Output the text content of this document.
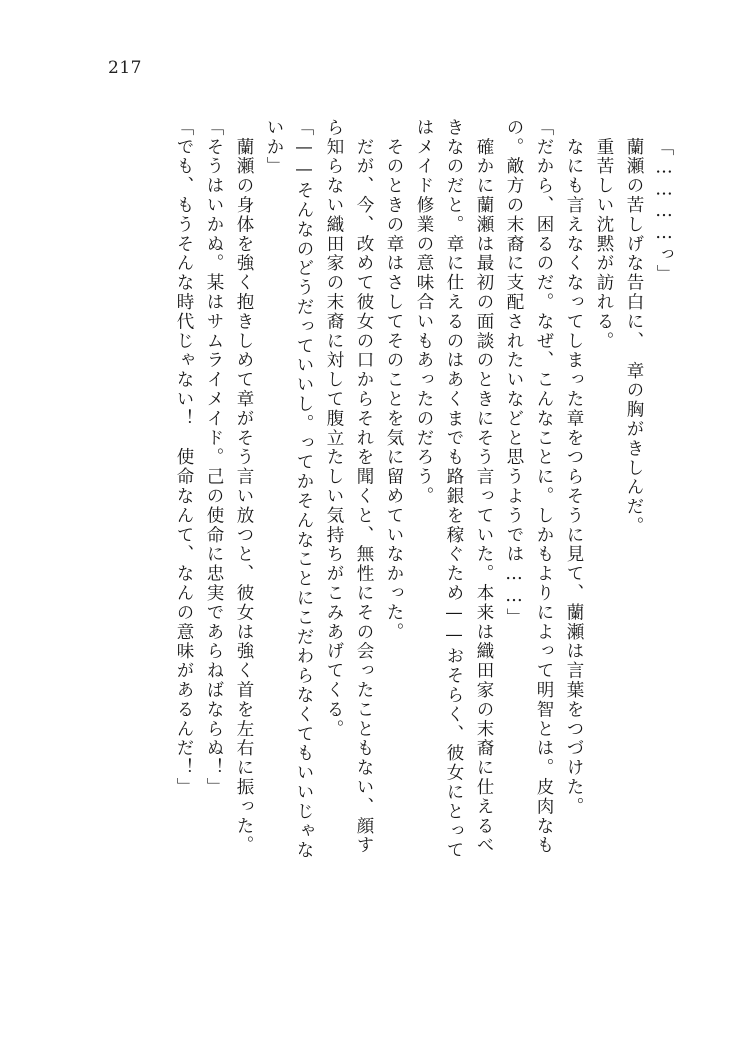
217
「…………っ」
　蘭瀬の苦しげな告白に、　章の胸がきしんだ。
　重苦しい沈黙が訪れる。
　なにも言えなくなってしまった章をつらそうに見て、蘭瀬は言葉をつづけた。
「だから、困るのだ。なぜ、こんなことに。しかもよりによって明智とは。皮肉なも
の。敵方の末裔に支配されたいなどと思うようでは……」
　確かに蘭瀬は最初の面談のときにそう言っていた。本来は織田家の末裔に仕えるべ
きなのだと。章に仕えるのはあくまでも路銀を稼ぐため——おそらく、彼女にとって
はメイド修業の意味合いもあったのだろう。
　そのときの章はさしてそのことを気に留めていなかった。
　だが、今、改めて彼女の口からそれを聞くと、無性にその会ったこともない、顔す
ら知らない織田家の末裔に対して腹立たしい気持ちがこみあげてくる。
「——そんなのどうだっていいし。ってかそんなことにこだわらなくてもいいじゃな
いか」
　蘭瀬の身体を強く抱きしめて章がそう言い放つと、彼女は強く首を左右に振った。
「そうはいかぬ。某はサムライメイド。己の使命に忠実であらねばならぬ！」
「でも、もうそんな時代じゃない！　使命なんて、なんの意味があるんだ！」
